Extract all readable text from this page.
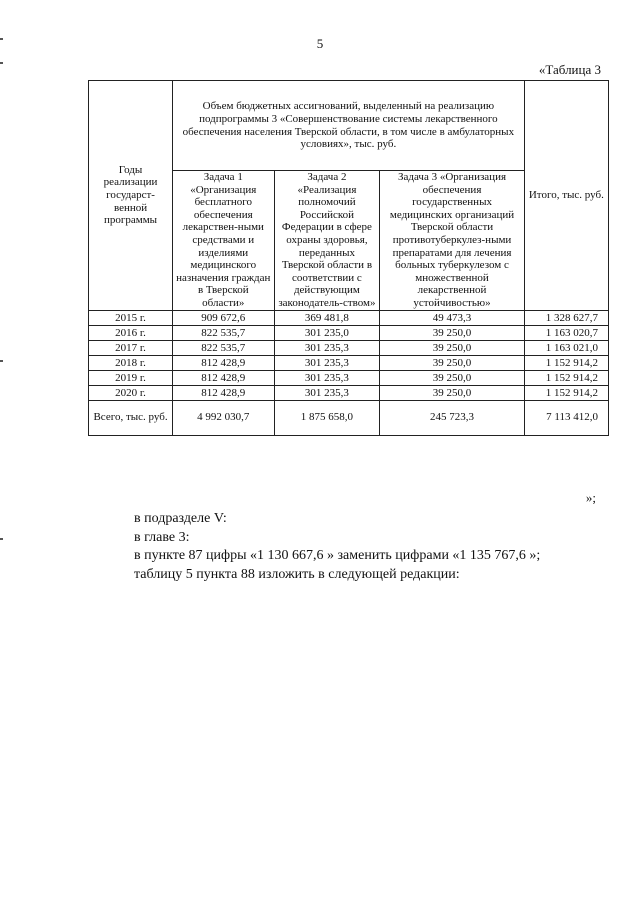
5
«Таблица 3
Годы реализации государст-венной программы	Объем бюджетных ассигнований, выделенный на реализацию подпрограммы 3 «Совершенствование системы лекарственного обеспечения населения Тверской области, в том числе в амбулаторных условиях», тыс. руб.			Итого, тыс. руб.
	Задача 1 «Организация бесплатного обеспечения лекарствен-ными средствами и изделиями медицинского назначения граждан в Тверской области»	Задача 2 «Реализация полномочий Российской Федерации в сфере охраны здоровья, переданных Тверской области в соответствии с действующим законодатель-ством»	Задача 3 «Организация обеспечения государственных медицинских организаций Тверской области противотуберкулез-ными препаратами для лечения больных туберкулезом с множественной лекарственной устойчивостью»	
2015 г.	909 672,6	369 481,8	49 473,3	1 328 627,7
2016 г.	822 535,7	301 235,0	39 250,0	1 163 020,7
2017 г.	822 535,7	301 235,3	39 250,0	1 163 021,0
2018 г.	812 428,9	301 235,3	39 250,0	1 152 914,2
2019 г.	812 428,9	301 235,3	39 250,0	1 152 914,2
2020 г.	812 428,9	301 235,3	39 250,0	1 152 914,2
Всего, тыс. руб.	4 992 030,7	1 875 658,0	245 723,3	7 113 412,0
»;

в подразделе V:

в главе 3:

в пункте 87 цифры «1 130 667,6 » заменить цифрами «1 135 767,6 »;

таблицу 5 пункта 88 изложить в следующей редакции:
